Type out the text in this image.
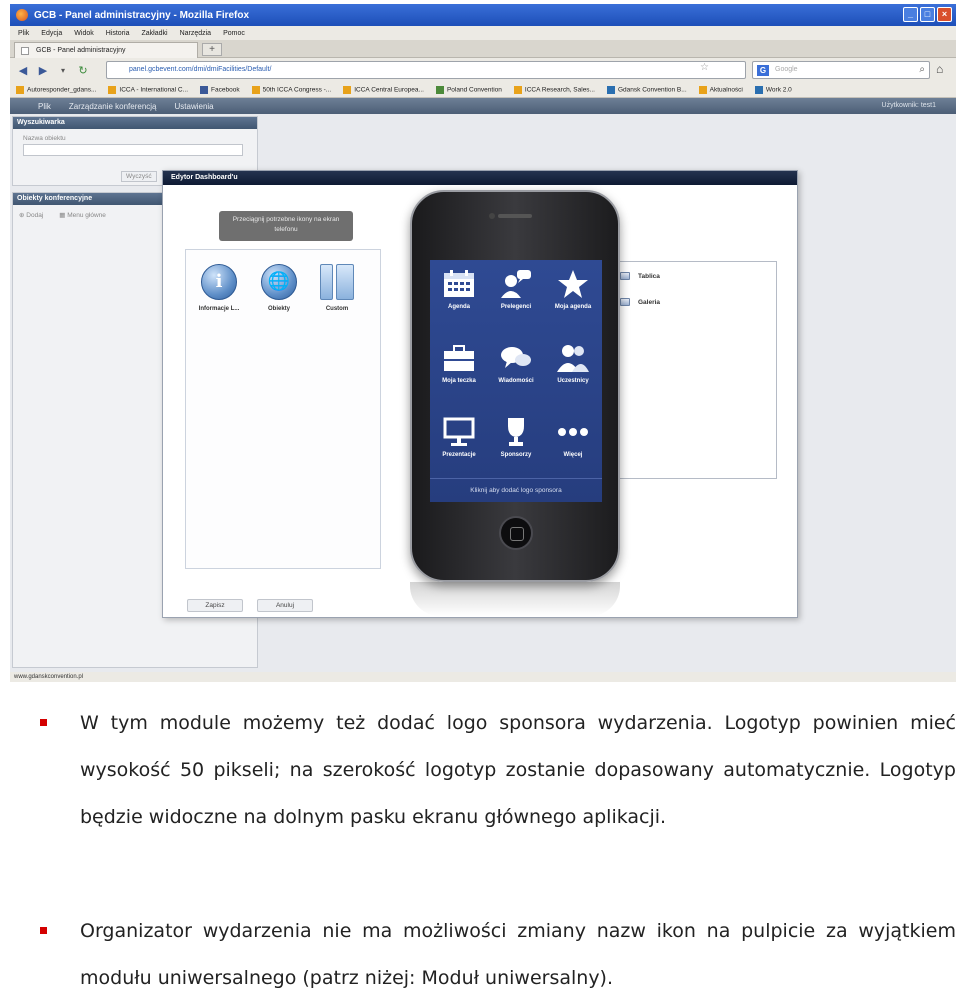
GCB - Panel administracyjny - Mozilla Firefox	_	□	×
Plik Edycja Widok Historia Zakładki Narzędzia Pomoc
GCB - Panel administracyjny	+
◀ ▶	▾	↻	panel.gcbevent.com/dmi/dmiFacilities/Default/	☆	G	Google	⌕ ⌂
Autoresponder_gdans...	ICCA - International C...	Facebook	50th ICCA Congress -...	ICCA Central Europea...	Poland Convention	ICCA Research, Sales...	Gdansk Convention B...	Aktualności	Work 2.0
Plik Zarządzanie konferencją Ustawienia	Użytkownik: test1
Wyszukiwarka
Nazwa obiektu
Wyczyść
Obiekty konferencyjne
⊕ Dodaj ▦ Menu główne
Edytor Dashboard'u
Przeciągnij potrzebne ikony na ekran telefonu
i
Informacje L...
🌐
Obiekty	Custom
Tablica
Galeria
Zapisz	Anuluj
Agenda	Prelegenci	Moja agenda
Moja teczka	Wiadomości	Uczestnicy
Prezentacje	Sponsorzy	Więcej
Kliknij aby dodać logo sponsora
www.gdanskconvention.pl
W tym module możemy też dodać logo sponsora wydarzenia. Logotyp powinien mieć wysokość 50 pikseli; na szerokość logotyp zostanie dopasowany automatycznie. Logotyp będzie widoczne na dolnym pasku ekranu głównego aplikacji.
Organizator wydarzenia nie ma możliwości zmiany nazw ikon na pulpicie za wyjątkiem modułu uniwersalnego (patrz niżej: Moduł uniwersalny).
